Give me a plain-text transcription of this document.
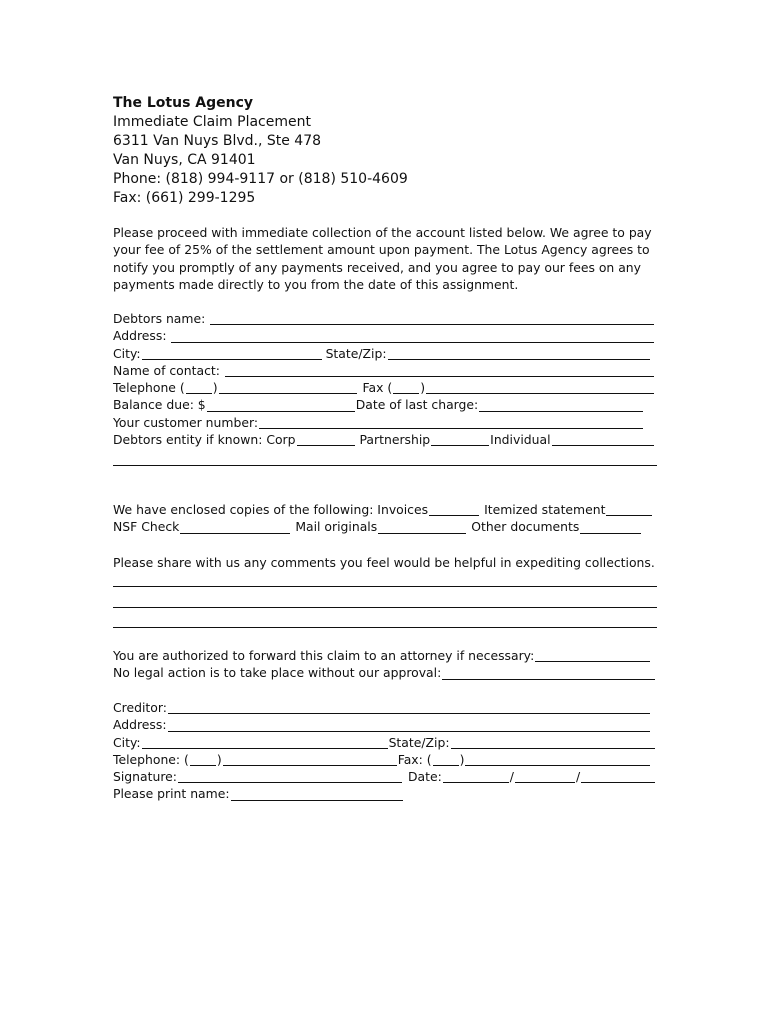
The Lotus Agency
Immediate Claim Placement
6311 Van Nuys Blvd., Ste 478
Van Nuys, CA 91401
Phone: (818) 994-9117 or (818) 510-4609
Fax: (661) 299-1295
Please proceed with immediate collection of the account listed below. We agree to pay your fee of 25% of the settlement amount upon payment. The Lotus Agency agrees to notify you promptly of any payments received, and you agree to pay our fees on any payments made directly to you from the date of this assignment.
Debtors name:
Address:
City:	State/Zip:
Name of contact:
Telephone ( )	Fax ( )
Balance due: $	Date of last charge:
Your customer number:
Debtors entity if known: Corp	Partnership	Individual
We have enclosed copies of the following: Invoices	Itemized statement
NSF Check	Mail originals	Other documents
Please share with us any comments you feel would be helpful in expediting collections.
You are authorized to forward this claim to an attorney if necessary:
No legal action is to take place without our approval:
Creditor:
Address:
City:	State/Zip:
Telephone: ( )	Fax: ( )
Signature:	Date:	/	/
Please print name:
